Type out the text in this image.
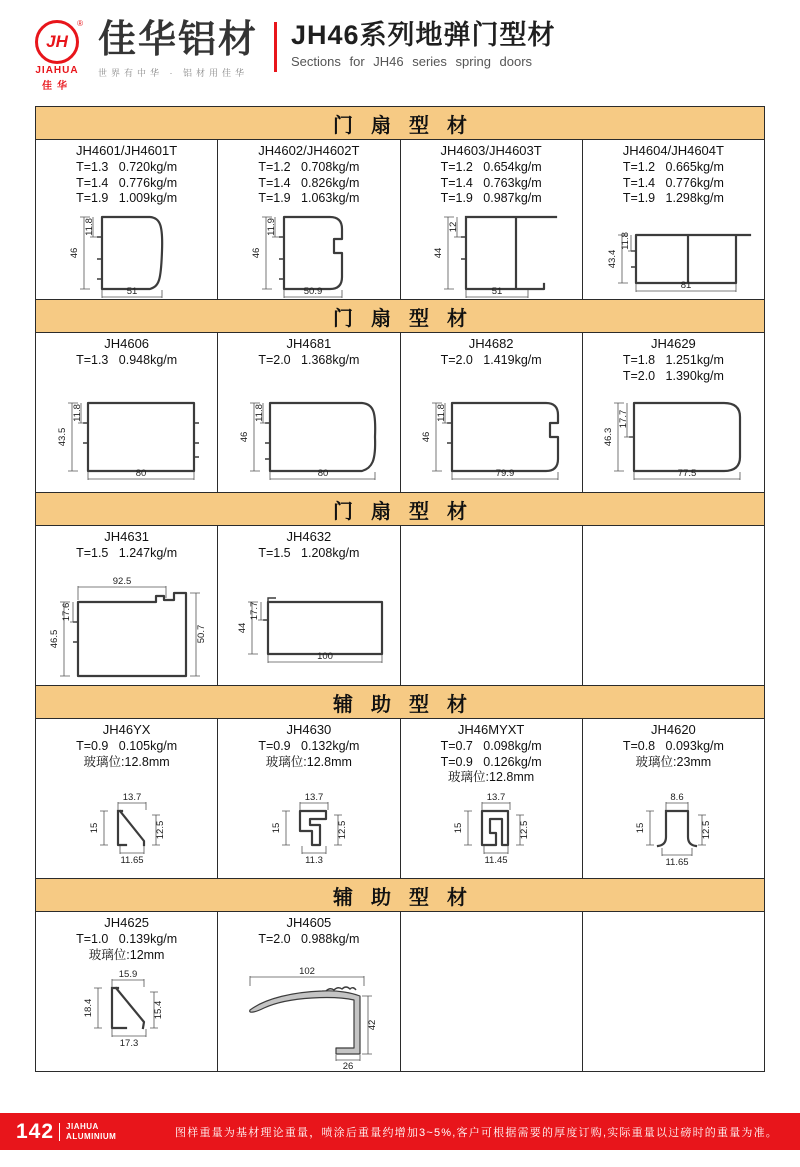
JH
®
JIAHUA
佳华
佳华铝材
世界有中华 · 铝材用佳华
JH46系列地弹门型材
Sections for JH46 series spring doors
门扇型材
JH4601/JH4601T
T=1.3   0.720kg/m
T=1.4   0.776kg/m
T=1.9   1.009kg/m
46
11.8
51
JH4602/JH4602T
T=1.2   0.708kg/m
T=1.4   0.826kg/m
T=1.9   1.063kg/m
46
11.9
50.9
JH4603/JH4603T
T=1.2   0.654kg/m
T=1.4   0.763kg/m
T=1.9   0.987kg/m
44
12
51
JH4604/JH4604T
T=1.2   0.665kg/m
T=1.4   0.776kg/m
T=1.9   1.298kg/m
43.4
11.8
81
门扇型材
JH4606
T=1.3   0.948kg/m
43.5
11.8
80
JH4681
T=2.0   1.368kg/m
46
11.8
80
JH4682
T=2.0   1.419kg/m
46
11.8
79.9
JH4629
T=1.8   1.251kg/m
T=2.0   1.390kg/m
46.3
17.7
77.5
门扇型材
JH4631
T=1.5   1.247kg/m
92.5
46.5
17.6
50.7
JH4632
T=1.5   1.208kg/m
44
17.7
100
辅助型材
JH46YX
T=0.9   0.105kg/m
玻璃位:12.8mm
13.7
15	12.5
11.65
JH4630
T=0.9   0.132kg/m
玻璃位:12.8mm
13.7
15	12.5
11.3
JH46MYXT
T=0.7   0.098kg/m
T=0.9   0.126kg/m
玻璃位:12.8mm
13.7
15	12.5
11.45
JH4620
T=0.8   0.093kg/m
玻璃位:23mm
8.6
15	12.5
11.65
辅助型材
JH4625
T=1.0   0.139kg/m
玻璃位:12mm
15.9
18.4	15.4
17.3
JH4605
T=2.0   0.988kg/m
102
42
26
142 JIAHUA
ALUMINIUM	图样重量为基材理论重量，喷涂后重量约增加3~5%,客户可根据需要的厚度订购,实际重量以过磅时的重量为准。
